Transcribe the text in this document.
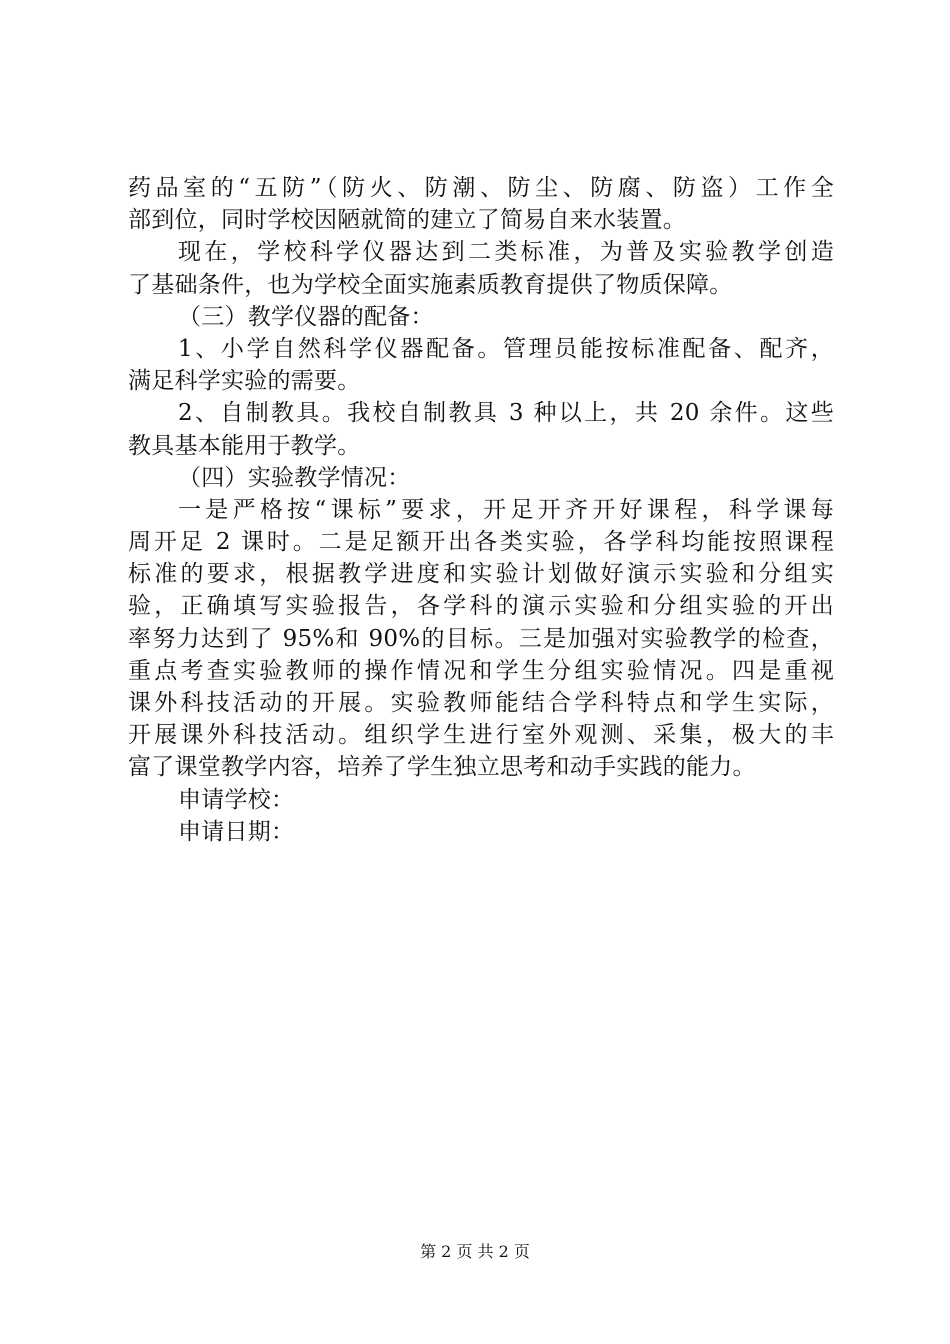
药品室的“五防”（防火、防潮、防尘、防腐、防盗）工作全
部到位，同时学校因陋就简的建立了简易自来水装置。
现在，学校科学仪器达到二类标准，为普及实验教学创造
了基础条件，也为学校全面实施素质教育提供了物质保障。
（三）教学仪器的配备：
1、小学自然科学仪器配备。管理员能按标准配备、配齐，
满足科学实验的需要。
2、自制教具。我校自制教具 3 种以上，共 20 余件。这些
教具基本能用于教学。
（四）实验教学情况：
一是严格按“课标”要求，开足开齐开好课程，科学课每
周开足 2 课时。二是足额开出各类实验，各学科均能按照课程
标准的要求，根据教学进度和实验计划做好演示实验和分组实
验，正确填写实验报告，各学科的演示实验和分组实验的开出
率努力达到了 95%和 90%的目标。三是加强对实验教学的检查，
重点考查实验教师的操作情况和学生分组实验情况。四是重视
课外科技活动的开展。实验教师能结合学科特点和学生实际，
开展课外科技活动。组织学生进行室外观测、采集，极大的丰
富了课堂教学内容，培养了学生独立思考和动手实践的能力。
申请学校：
申请日期：
第 2 页 共 2 页
